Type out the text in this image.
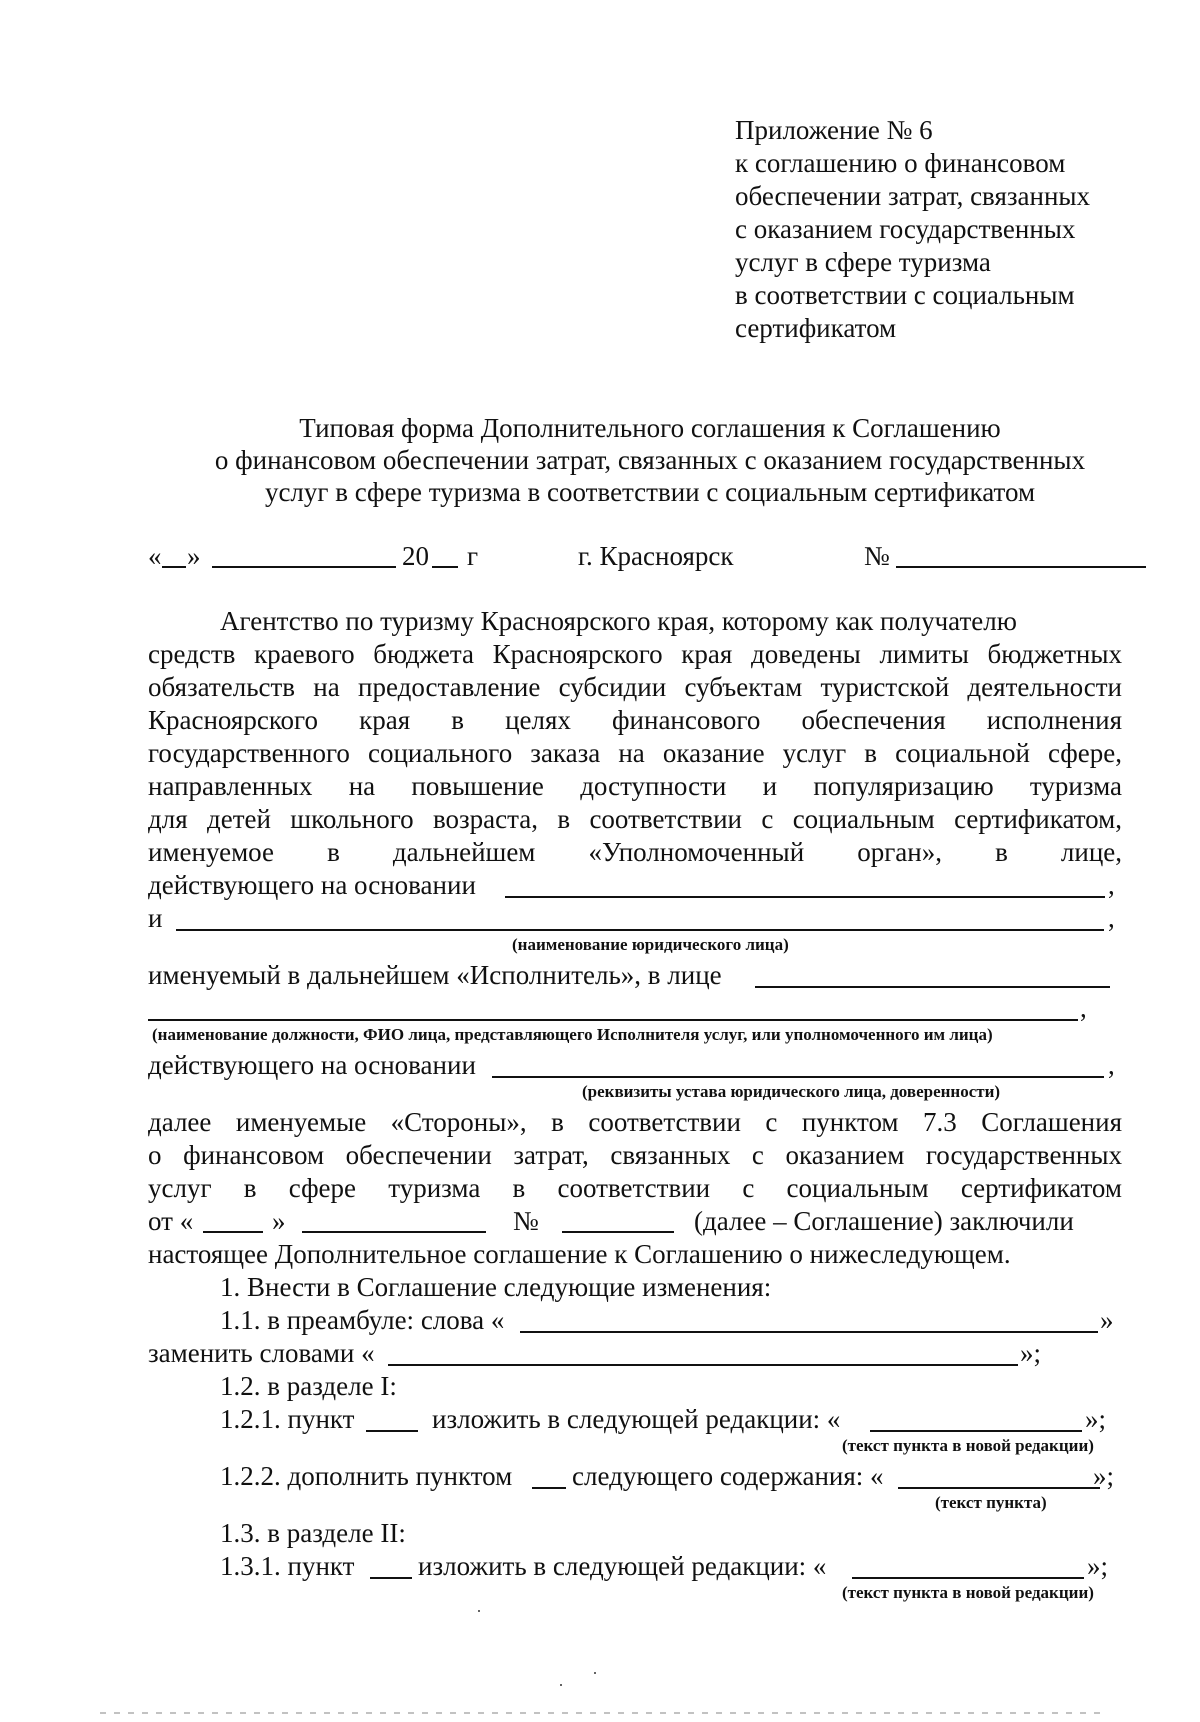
Приложение № 6
к соглашению о финансовом
обеспечении затрат, связанных
с оказанием государственных
услуг в сфере туризма
в соответствии с социальным
сертификатом
Типовая форма Дополнительного соглашения к Соглашению
о финансовом обеспечении затрат, связанных с оказанием государственных
услуг в сфере туризма в соответствии с социальным сертификатом
« »	20 г	г. Красноярск	№
Агентство по туризму Красноярского края, которому как получателю
средств краевого бюджета Красноярского края доведены лимиты бюджетных
обязательств на предоставление субсидии субъектам туристской деятельности
Красноярского края в целях финансового обеспечения исполнения
государственного социального заказа на оказание услуг в социальной сфере,
направленных на повышение доступности и популяризацию туризма
для детей школьного возраста, в соответствии с социальным сертификатом,
именуемое в дальнейшем «Уполномоченный орган», в лице,
действующего на основании	,
и	,
(наименование юридического лица)
именуемый в дальнейшем «Исполнитель», в лице
,
(наименование должности, ФИО лица, представляющего Исполнителя услуг, или уполномоченного им лица)
действующего на основании	,
(реквизиты устава юридического лица, доверенности)
далее именуемые «Стороны», в соответствии с пунктом 7.3 Соглашения
о финансовом обеспечении затрат, связанных с оказанием государственных
услуг в сфере туризма в соответствии с социальным сертификатом
от «	»	№	(далее – Соглашение) заключили
настоящее Дополнительное соглашение к Соглашению о нижеследующем.
1. Внести в Соглашение следующие изменения:
1.1. в преамбуле: слова «	»
заменить словами «	»;
1.2. в разделе I:
1.2.1. пункт	изложить в следующей редакции: «	»;
(текст пункта в новой редакции)
1.2.2. дополнить пунктом следующего содержания: «	»;
(текст пункта)
1.3. в разделе II:
1.3.1. пункт изложить в следующей редакции: «	»;
(текст пункта в новой редакции)
